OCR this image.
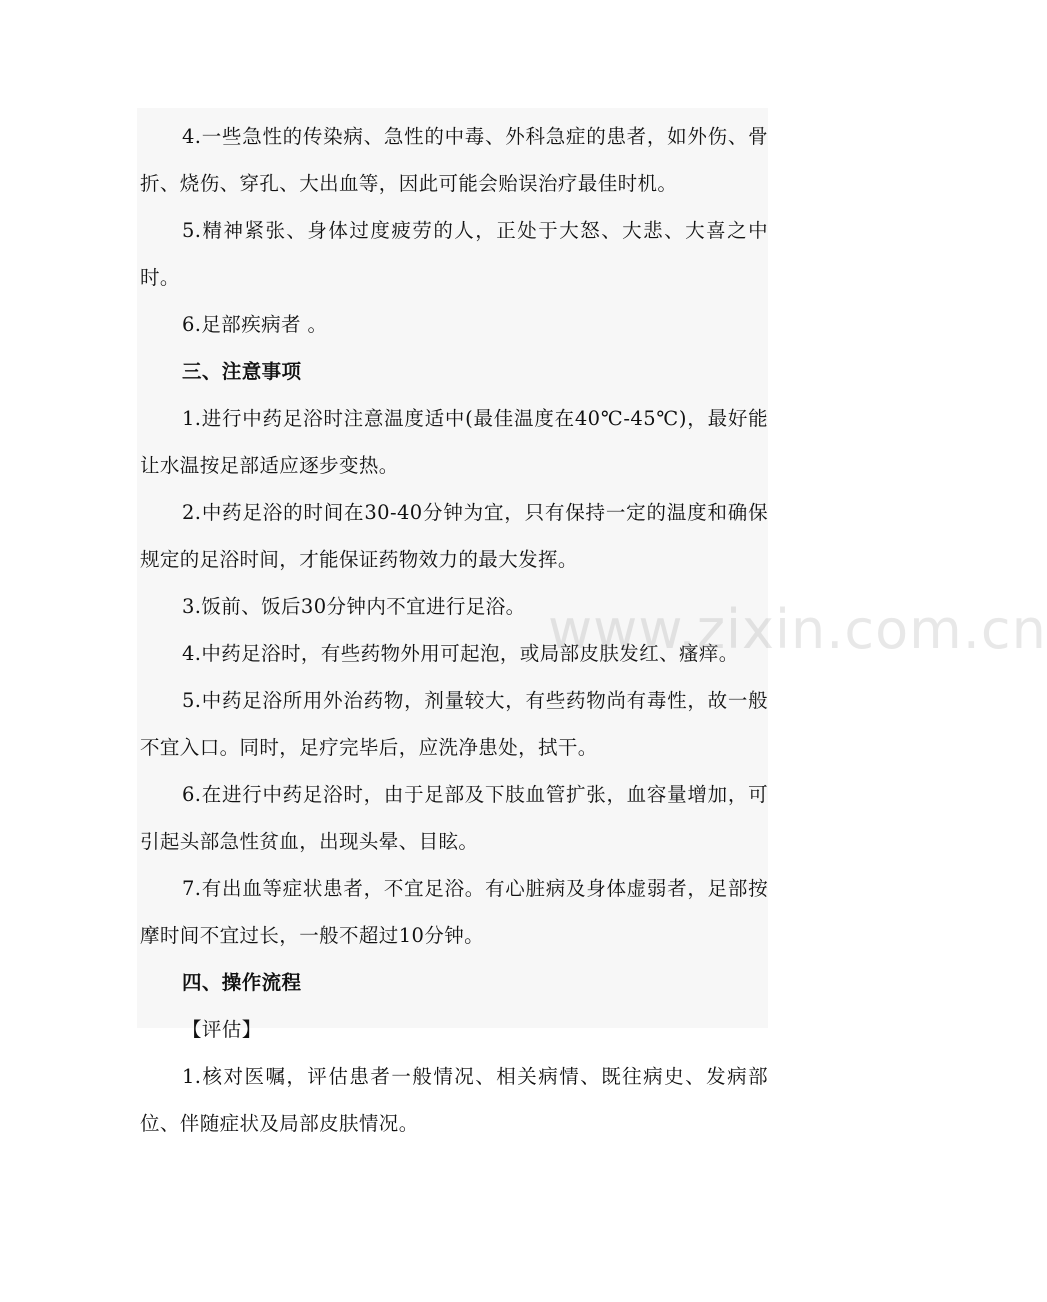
4.一些急性的传染病、急性的中毒、外科急症的患者，如外伤、骨折、烧伤、穿孔、大出血等，因此可能会贻误治疗最佳时机。

5.精神紧张、身体过度疲劳的人，正处于大怒、大悲、大喜之中时。

6.足部疾病者 。

三、注意事项

1.进行中药足浴时注意温度适中(最佳温度在40℃-45℃)，最好能让水温按足部适应逐步变热。

2.中药足浴的时间在30-40分钟为宜，只有保持一定的温度和确保规定的足浴时间，才能保证药物效力的最大发挥。

3.饭前、饭后30分钟内不宜进行足浴。

4.中药足浴时，有些药物外用可起泡，或局部皮肤发红、瘙痒。

5.中药足浴所用外治药物，剂量较大，有些药物尚有毒性，故一般不宜入口。同时，足疗完毕后，应洗净患处，拭干。

6.在进行中药足浴时，由于足部及下肢血管扩张，血容量增加，可引起头部急性贫血，出现头晕、目眩。

7.有出血等症状患者，不宜足浴。有心脏病及身体虚弱者，足部按摩时间不宜过长，一般不超过10分钟。

四、操作流程

【评估】

1.核对医嘱，评估患者一般情况、相关病情、既往病史、发病部位、伴随症状及局部皮肤情况。

www.zixin.com.cn
